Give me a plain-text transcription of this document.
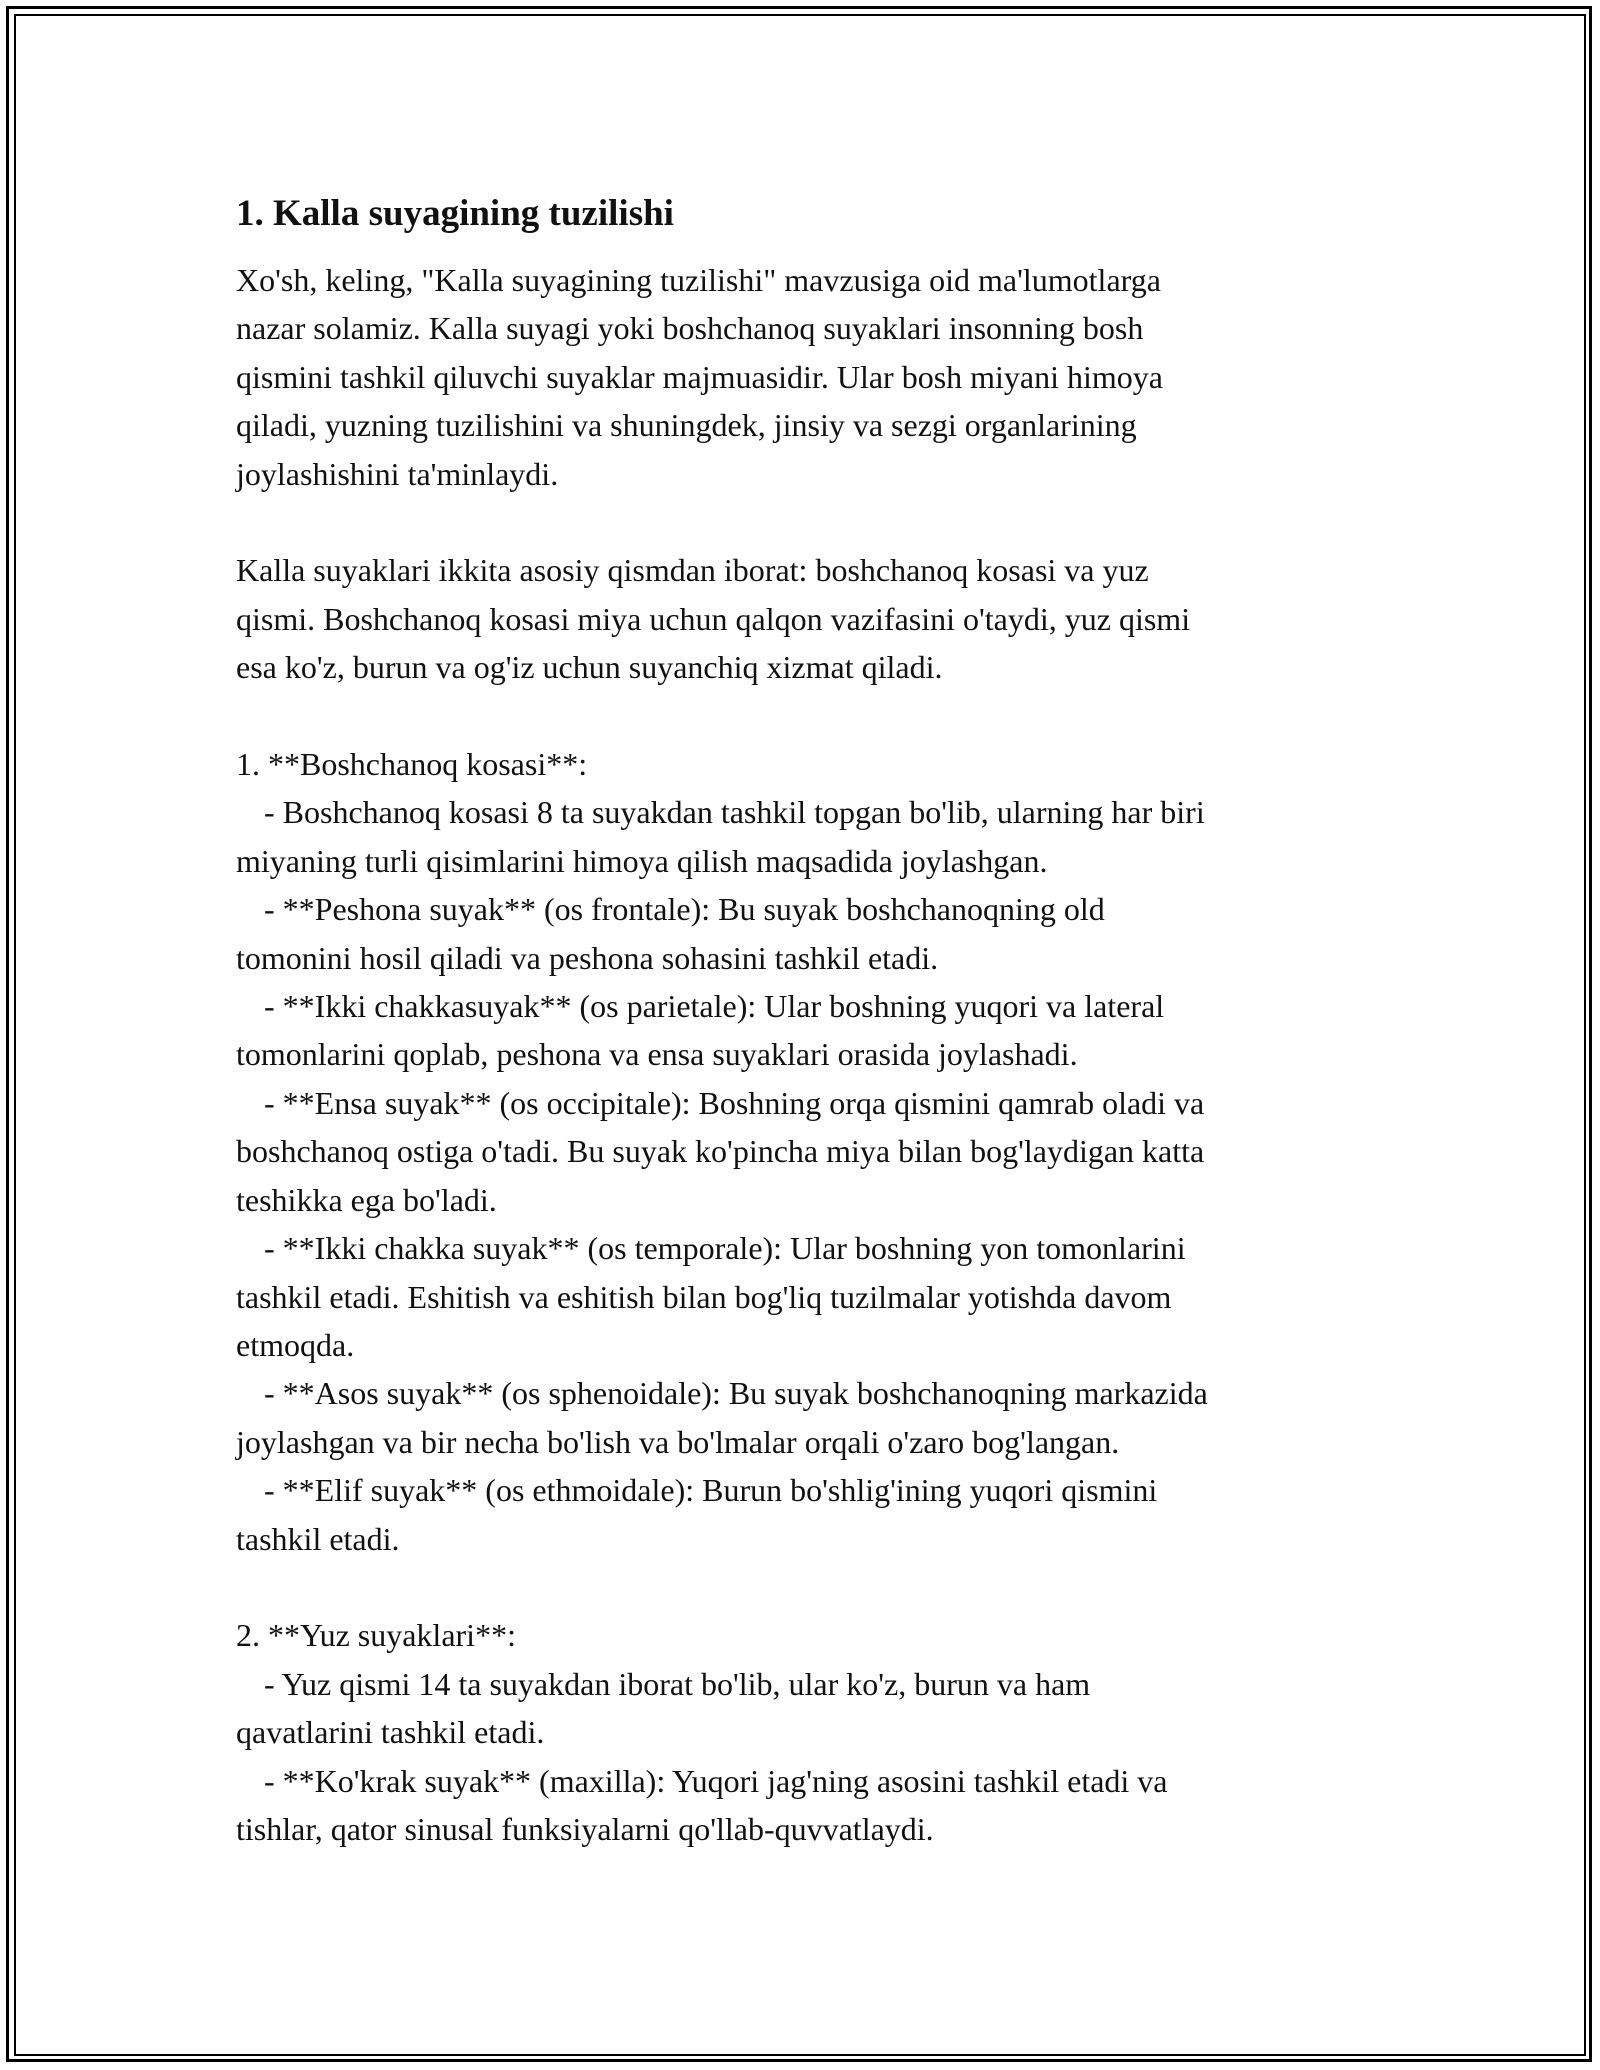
1. Kalla suyagining tuzilishi

Xo'sh, keling, "Kalla suyagining tuzilishi" mavzusiga oid ma'lumotlarga
nazar solamiz. Kalla suyagi yoki boshchanoq suyaklari insonning bosh
qismini tashkil qiluvchi suyaklar majmuasidir. Ular bosh miyani himoya
qiladi, yuzning tuzilishini va shuningdek, jinsiy va sezgi organlarining
joylashishini ta'minlaydi.

Kalla suyaklari ikkita asosiy qismdan iborat: boshchanoq kosasi va yuz
qismi. Boshchanoq kosasi miya uchun qalqon vazifasini o'taydi, yuz qismi
esa ko'z, burun va og'iz uchun suyanchiq xizmat qiladi.

1. **Boshchanoq kosasi**:
- Boshchanoq kosasi 8 ta suyakdan tashkil topgan bo'lib, ularning har biri
miyaning turli qisimlarini himoya qilish maqsadida joylashgan.
- **Peshona suyak** (os frontale): Bu suyak boshchanoqning old
tomonini hosil qiladi va peshona sohasini tashkil etadi.
- **Ikki chakkasuyak** (os parietale): Ular boshning yuqori va lateral
tomonlarini qoplab, peshona va ensa suyaklari orasida joylashadi.
- **Ensa suyak** (os occipitale): Boshning orqa qismini qamrab oladi va
boshchanoq ostiga o'tadi. Bu suyak ko'pincha miya bilan bog'laydigan katta
teshikka ega bo'ladi.
- **Ikki chakka suyak** (os temporale): Ular boshning yon tomonlarini
tashkil etadi. Eshitish va eshitish bilan bog'liq tuzilmalar yotishda davom
etmoqda.
- **Asos suyak** (os sphenoidale): Bu suyak boshchanoqning markazida
joylashgan va bir necha bo'lish va bo'lmalar orqali o'zaro bog'langan.
- **Elif suyak** (os ethmoidale): Burun bo'shlig'ining yuqori qismini
tashkil etadi.
2. **Yuz suyaklari**:
- Yuz qismi 14 ta suyakdan iborat bo'lib, ular ko'z, burun va ham
qavatlarini tashkil etadi.
- **Ko'krak suyak** (maxilla): Yuqori jag'ning asosini tashkil etadi va
tishlar, qator sinusal funksiyalarni qo'llab-quvvatlaydi.
